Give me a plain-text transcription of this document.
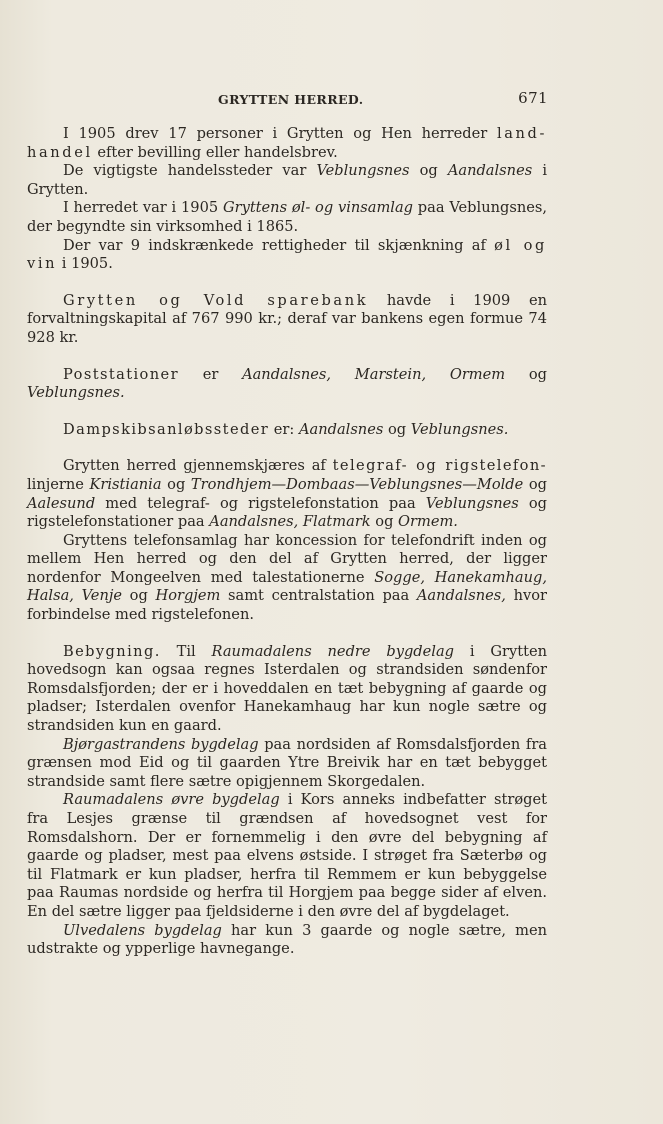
GRYTTEN HERRED.	671

I 1905 drev 17 personer i Grytten og Hen herreder land-handel efter bevilling eller handelsbrev.

De vigtigste handelssteder var Veblungsnes og Aandalsnes i Grytten.

I herredet var i 1905 Gryttens øl- og vinsamlag paa Veblungsnes, der begyndte sin virksomhed i 1865.

Der var 9 indskrænkede rettigheder til skjænkning af øl og vin i 1905.

Grytten og Vold sparebank havde i 1909 en forvaltningskapital af 767 990 kr.; deraf var bankens egen formue 74 928 kr.

Poststationer er Aandalsnes, Marstein, Ormem og Veblungsnes.

Dampskibsanløbssteder er: Aandalsnes og Veblungsnes.

Grytten herred gjennemskjæres af telegraf- og rigstelefon-linjerne Kristiania og Trondhjem—Dombaas—Veblungsnes—Molde og Aalesund med telegraf- og rigstelefonstation paa Veblungsnes og rigstelefonstationer paa Aandalsnes, Flatmark og Ormem.

Gryttens telefonsamlag har koncession for telefondrift inden og mellem Hen herred og den del af Grytten herred, der ligger nordenfor Mongeelven med talestationerne Sogge, Hanekamhaug, Halsa, Venje og Horgjem samt centralstation paa Aandalsnes, hvor forbindelse med rigstelefonen.

Bebygning. Til Raumadalens nedre bygdelag i Grytten hovedsogn kan ogsaa regnes Isterdalen og strandsiden søndenfor Romsdalsfjorden; der er i hoveddalen en tæt bebygning af gaarde og pladser; Isterdalen ovenfor Hanekamhaug har kun nogle sætre og strandsiden kun en gaard.

Bjørgastrandens bygdelag paa nordsiden af Romsdalsfjorden fra grænsen mod Eid og til gaarden Ytre Breivik har en tæt bebygget strandside samt flere sætre opigjennem Skorgedalen.

Raumadalens øvre bygdelag i Kors anneks indbefatter strøget fra Lesjes grænse til grændsen af hovedsognet vest for Romsdalshorn. Der er fornemmelig i den øvre del bebygning af gaarde og pladser, mest paa elvens østside. I strøget fra Sæterbø og til Flatmark er kun pladser, herfra til Remmem er kun bebyggelse paa Raumas nordside og herfra til Horgjem paa begge sider af elven. En del sætre ligger paa fjeldsiderne i den øvre del af bygdelaget.

Ulvedalens bygdelag har kun 3 gaarde og nogle sætre, men udstrakte og ypperlige havnegange.
